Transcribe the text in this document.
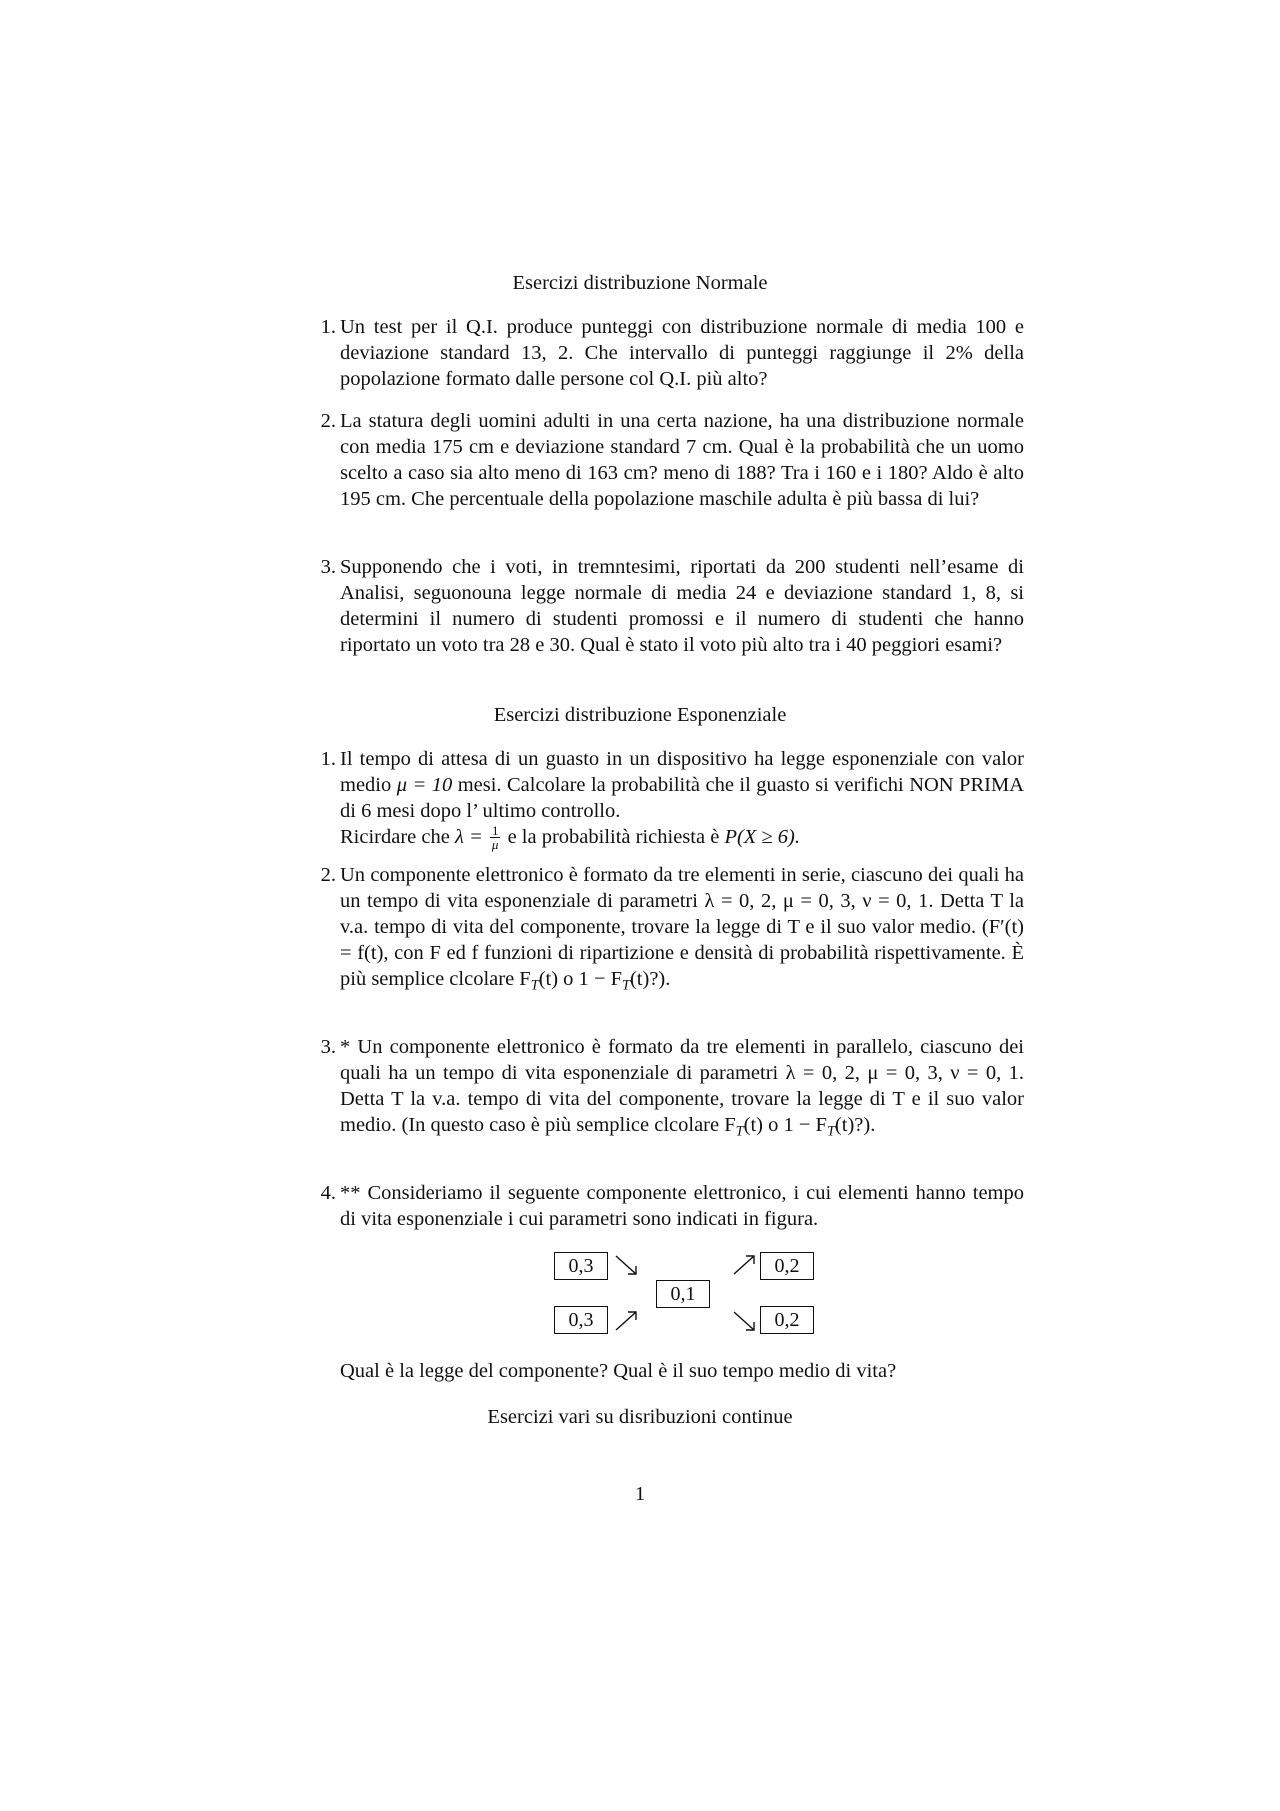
Esercizi distribuzione Normale
1. Un test per il Q.I. produce punteggi con distribuzione normale di media 100 e deviazione standard 13, 2. Che intervallo di punteggi raggiunge il 2% della popolazione formato dalle persone col Q.I. più alto?

2. La statura degli uomini adulti in una certa nazione, ha una distribuzione normale con media 175 cm e deviazione standard 7 cm. Qual è la probabilità che un uomo scelto a caso sia alto meno di 163 cm? meno di 188? Tra i 160 e i 180? Aldo è alto 195 cm. Che percentuale della popolazione maschile adulta è più bassa di lui?

3. Supponendo che i voti, in tremntesimi, riportati da 200 studenti nell’esame di Analisi, seguonouna legge normale di media 24 e deviazione standard 1, 8, si determini il numero di studenti promossi e il numero di studenti che hanno riportato un voto tra 28 e 30. Qual è stato il voto più alto tra i 40 peggiori esami?

Esercizi distribuzione Esponenziale
1. Il tempo di attesa di un guasto in un dispositivo ha legge esponenziale con valor medio μ = 10 mesi. Calcolare la probabilità che il guasto si verifichi NON PRIMA di 6 mesi dopo l’ ultimo controllo.
Ricirdare che $\lambda = \frac{1}{\mu}$ e la probabilità richiesta è P(X ≥ 6).

2. Un componente elettronico è formato da tre elementi in serie, ciascuno dei quali ha un tempo di vita esponenziale di parametri λ = 0, 2, μ = 0, 3, ν = 0, 1. Detta T la v.a. tempo di vita del componente, trovare la legge di T e il suo valor medio. (F′(t) = f(t), con F ed f funzioni di ripartizione e densità di probabilità rispettivamente. È più semplice clcolare $F_T(t)$ o $1 - F_T(t)$?).

3. * Un componente elettronico è formato da tre elementi in parallelo, ciascuno dei quali ha un tempo di vita esponenziale di parametri λ = 0, 2, μ = 0, 3, ν = 0, 1. Detta T la v.a. tempo di vita del componente, trovare la legge di T e il suo valor medio. (In questo caso è più semplice clcolare $F_T(t)$ o $1 - F_T(t)$?).

4. ** Consideriamo il seguente componente elettronico, i cui elementi hanno tempo di vita esponenziale i cui parametri sono indicati in figura.

0,3
0,3
0,1
0,2
0,2
Qual è la legge del componente? Qual è il suo tempo medio di vita?
Esercizi vari su disribuzioni continue
1
